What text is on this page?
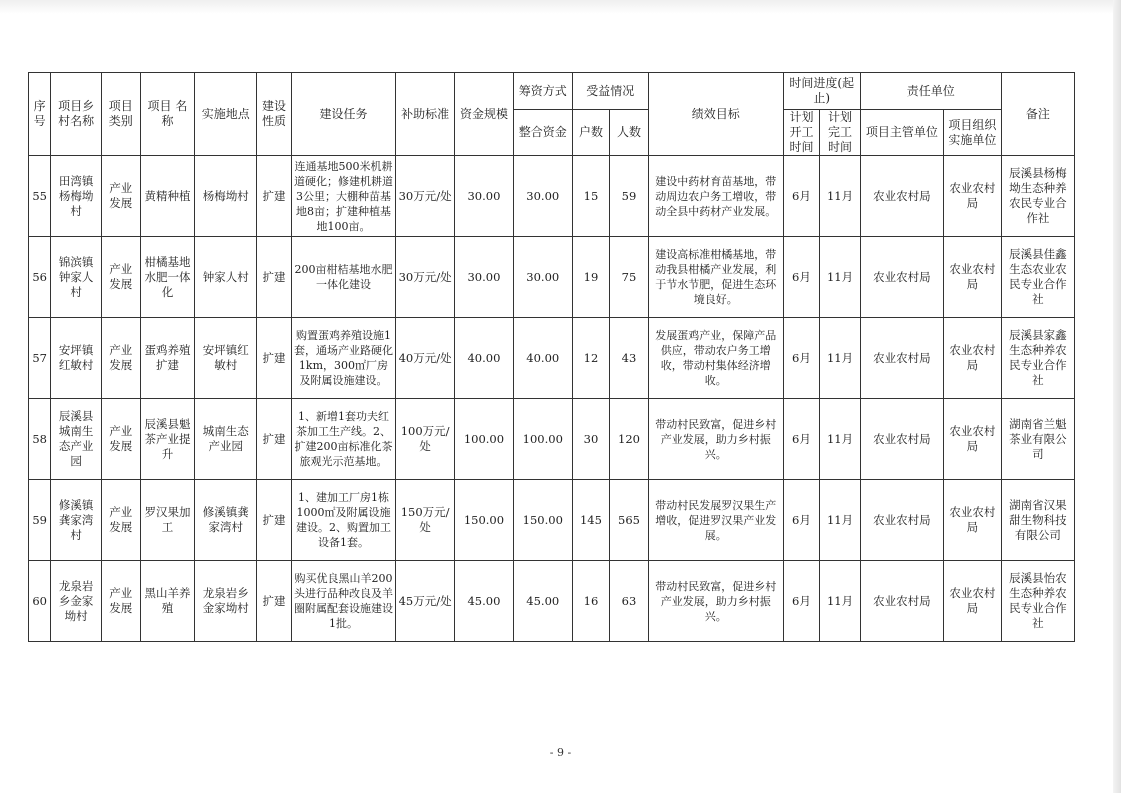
序号	项目乡村名称	项目类别	项目 名称	实施地点	建设性质	建设任务	补助标准	资金规模	筹资方式	受益情况		绩效目标	时间进度(起止)		责任单位		备注
									整合资金	户数	人数		计划开工时间	计划完工时间	项目主管单位	项目组织实施单位	
55	田湾镇杨梅坳村	产业发展	黄精种植	杨梅坳村	扩建	连通基地500米机耕道硬化；修建机耕道3公里；大棚种苗基地8亩；扩建种植基地100亩。	30万元/处	30.00	30.00	15	59	建设中药材育苗基地，带动周边农户务工增收，带动全县中药材产业发展。	6月	11月	农业农村局	农业农村局	辰溪县杨梅坳生态种养农民专业合作社
56	锦滨镇钟家人村	产业发展	柑橘基地水肥一体化	钟家人村	扩建	200亩柑桔基地水肥一体化建设	30万元/处	30.00	30.00	19	75	建设高标准柑橘基地，带动我县柑橘产业发展，利于节水节肥，促进生态环境良好。	6月	11月	农业农村局	农业农村局	辰溪县佳鑫生态农业农民专业合作社
57	安坪镇红敏村	产业发展	蛋鸡养殖扩建	安坪镇红敏村	扩建	购置蛋鸡养殖设施1套，通场产业路硬化1km，300㎡厂房及附属设施建设。	40万元/处	40.00	40.00	12	43	发展蛋鸡产业，保障产品供应，带动农户务工增收，带动村集体经济增收。	6月	11月	农业农村局	农业农村局	辰溪县家鑫生态种养农民专业合作社
58	辰溪县城南生态产业园	产业发展	辰溪县魁茶产业提升	城南生态产业园	扩建	1、新增1套功夫红茶加工生产线。2、扩建200亩标准化茶旅观光示范基地。	100万元/处	100.00	100.00	30	120	带动村民致富，促进乡村产业发展，助力乡村振兴。	6月	11月	农业农村局	农业农村局	湖南省兰魁茶业有限公司
59	修溪镇龚家湾村	产业发展	罗汉果加工	修溪镇龚家湾村	扩建	1、建加工厂房1栋1000㎡及附属设施建设。2、购置加工设备1套。	150万元/处	150.00	150.00	145	565	带动村民发展罗汉果生产增收，促进罗汉果产业发展。	6月	11月	农业农村局	农业农村局	湖南省汉果甜生物科技有限公司
60	龙泉岩乡金家坳村	产业发展	黑山羊养殖	龙泉岩乡金家坳村	扩建	购买优良黑山羊200头进行品种改良及羊圈附属配套设施建设1批。	45万元/处	45.00	45.00	16	63	带动村民致富，促进乡村产业发展，助力乡村振兴。	6月	11月	农业农村局	农业农村局	辰溪县怡农生态种养农民专业合作社
- 9 -
